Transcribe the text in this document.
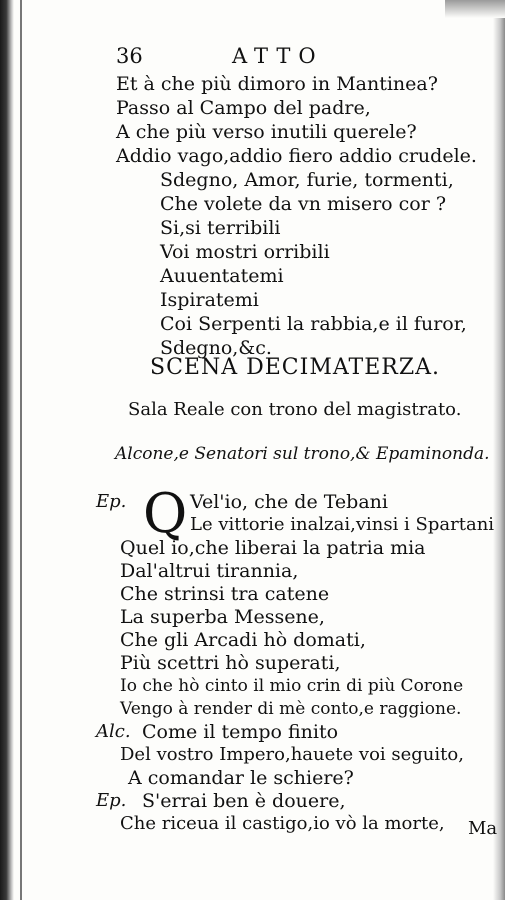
36	ATTO
Et à che più dimoro in Mantinea?
Passo al Campo del padre,
A che più verso inutili querele?
Addio vago,addio fiero addio crudele.
Sdegno, Amor, furie, tormenti,
Che volete da vn misero cor ?
Si,si terribili
Voi mostri orribili
Auuentatemi
Ispiratemi
Coi Serpenti la rabbia,e il furor,
Sdegno,&c.
SCENA DECIMATERZA.
Sala Reale con trono del magistrato.
Alcone,e Senatori sul trono,& Epaminonda.
Ep. Q Vel'io, che de Tebani
Le vittorie inalzai,vinsi i Spartani
Quel io,che liberai la patria mia
Dal'altrui tirannia,
Che strinsi tra catene
La superba Messene,
Che gli Arcadi hò domati,
Più scettri hò superati,
Io che hò cinto il mio crin di più Corone
Vengo à render di mè conto,e raggione.
Alc. Come il tempo finito
Del vostro Impero,hauete voi seguito,
A comandar le schiere?
Ep. S'errai ben è douere,
Che riceua il castigo,io vò la morte, Ma
